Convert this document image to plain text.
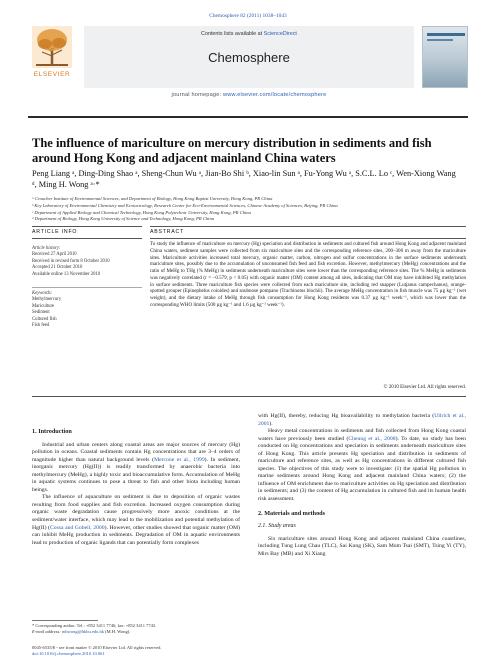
Chemosphere 82 (2011) 1038–1043
ELSEVIER
Contents lists available at ScienceDirect
Chemosphere
journal homepage: www.elsevier.com/locate/chemosphere
The influence of mariculture on mercury distribution in sediments and fish around Hong Kong and adjacent mainland China waters
Peng Liang ᵃ, Ding-Ding Shao ᵃ, Sheng-Chun Wu ᵃ, Jian-Bo Shi ᵇ, Xiao-lin Sun ᵃ, Fu-Yong Wu ᵃ, S.C.L. Lo ᶜ, Wen-Xiong Wang ᵈ, Ming H. Wong ᵃ·*
ᵃ Croucher Institute of Environmental Sciences, and Department of Biology, Hong Kong Baptist University, Hong Kong, PR China
ᵇ Key Laboratory of Environmental Chemistry and Ecotoxicology, Research Center for Eco-Environmental Sciences, Chinese Academy of Sciences, Beijing, PR China
ᶜ Department of Applied Biology and Chemical Technology, Hong Kong Polytechnic University, Hong Kong, PR China
ᵈ Department of Biology, Hong Kong University of Science and Technology, Hong Kong, PR China
ARTICLE INFO	ABSTRACT
Article history:
Received 27 April 2010
Received in revised form 8 October 2010
Accepted 21 October 2010
Available online 13 November 2010
Keywords:
Methylmercury
Mariculture
Sediment
Cultured fish
Fish feed
To study the influence of mariculture on mercury (Hg) speciation and distribution in sediments and cultured fish around Hong Kong and adjacent mainland China waters, sediment samples were collected from six mariculture sites and the corresponding reference sites, 200–300 m away from the mariculture sites. Mariculture activities increased total mercury, organic matter, carbon, nitrogen and sulfur concentrations in the surface sediments underneath mariculture sites, possibly due to the accumulation of unconsumed fish feed and fish excretion. However, methylmercury (MeHg) concentrations and the ratio of MeHg to THg (% MeHg) in sediments underneath mariculture sites were lower than the corresponding reference sites. The % MeHg in sediments was negatively correlated (r = −0.579, p < 0.05) with organic matter (OM) content among all sites, indicating that OM may have inhibited Hg methylation in surface sediments. Three mariculture fish species were collected from each mariculture site, including red snapper (Lutjanus campechanus), orange-spotted grouper (Epinephelus coioides) and snubnose pompano (Trachinotus blochii). The average MeHg concentration in fish muscle was 75 µg kg⁻¹ (wet weight), and the dietary intake of MeHg through fish consumption for Hong Kong residents was 0.37 µg kg⁻¹ week⁻¹, which was lower than the corresponding WHO limits (500 µg kg⁻¹ and 1.6 µg kg⁻¹ week⁻¹).
© 2010 Elsevier Ltd. All rights reserved.
1. Introduction

Industrial and urban centers along coastal areas are major sources of mercury (Hg) pollution in oceans. Coastal sediments contain Hg concentrations that are 3–4 orders of magnitude higher than natural background levels (Mercone et al., 1999). In sediment, inorganic mercury (Hg(II)) is readily transformed by anaerobic bacteria into methylmercury (MeHg), a highly toxic and bioaccumulative form. Accumulation of MeHg in aquatic systems continues to pose a threat to fish and other biota including human beings.

The influence of aquaculture on sediment is due to deposition of organic wastes resulting from food supplies and fish excretion. Increased oxygen consumption during organic waste degradation cause progressively more anoxic conditions at the sediment/water interface, which may lead to the mobilization and potential methylation of Hg(II) (Cossa and Gobeil, 2000). However, other studies showed that organic matter (OM) can inhibit MeHg production in sediments. Degradation of OM in aquatic environments lead to production of organic ligands that can potentially form complexes

with Hg(II), thereby, reducing Hg bioavailability to methylation bacteria (Ullrich et al., 2001).

Heavy metal concentrations in sediments and fish collected from Hong Kong coastal waters have previously been studied (Cheung et al., 2008). To date, no study has been conducted on Hg concentrations and speciation in sediments underneath mariculture sites of Hong Kong. This article presents Hg speciation and distribution in sediments of mariculture and reference sites, as well as Hg concentrations in different cultured fish species. The objectives of this study were to investigate: (1) the spatial Hg pollution in marine sediments around Hong Kong and adjacent mainland China waters; (2) the influence of OM enrichment due to mariculture activities on Hg speciation and distribution in sediments; and (3) the content of Hg accumulation in cultured fish and its human health risk assessment.

2. Materials and methods
2.1. Study areas

Six mariculture sites around Hong Kong and adjacent mainland China coastlines, including Tung Lung Chau (TLC), Sai Kung (SK), Sam Mum Tsai (SMT), Tsing Yi (TY), Mirs Bay (MB) and Xi Xiang

* Corresponding author. Tel.: +852 3411 7746; fax: +852 3411 7743.
E-mail address: mhwong@hkbu.edu.hk (M.H. Wong).
0045-6535/$ - see front matter © 2010 Elsevier Ltd. All rights reserved.
doi:10.1016/j.chemosphere.2010.10.061
